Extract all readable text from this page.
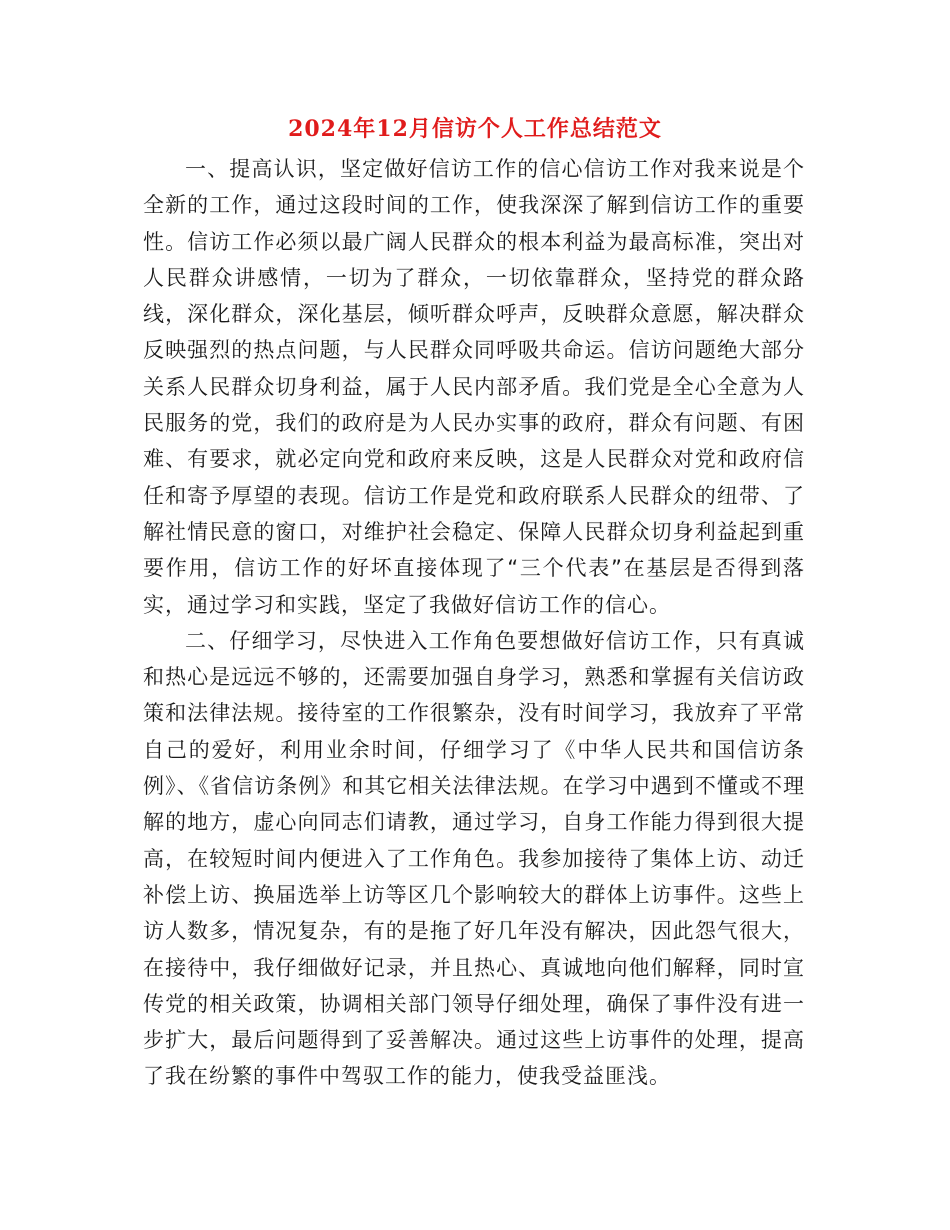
2024年12月信访个人工作总结范文

一、提高认识，坚定做好信访工作的信心信访工作对我来说是个全新的工作，通过这段时间的工作，使我深深了解到信访工作的重要性。信访工作必须以最广阔人民群众的根本利益为最高标准，突出对人民群众讲感情，一切为了群众，一切依靠群众，坚持党的群众路线，深化群众，深化基层，倾听群众呼声，反映群众意愿，解决群众反映强烈的热点问题，与人民群众同呼吸共命运。信访问题绝大部分关系人民群众切身利益，属于人民内部矛盾。我们党是全心全意为人民服务的党，我们的政府是为人民办实事的政府，群众有问题、有困难、有要求，就必定向党和政府来反映，这是人民群众对党和政府信任和寄予厚望的表现。信访工作是党和政府联系人民群众的纽带、了解社情民意的窗口，对维护社会稳定、保障人民群众切身利益起到重要作用，信访工作的好坏直接体现了“三个代表”在基层是否得到落实，通过学习和实践，坚定了我做好信访工作的信心。

二、仔细学习，尽快进入工作角色要想做好信访工作，只有真诚和热心是远远不够的，还需要加强自身学习，熟悉和掌握有关信访政策和法律法规。接待室的工作很繁杂，没有时间学习，我放弃了平常自己的爱好，利用业余时间，仔细学习了《中华人民共和国信访条例》、《省信访条例》和其它相关法律法规。在学习中遇到不懂或不理解的地方，虚心向同志们请教，通过学习，自身工作能力得到很大提高，在较短时间内便进入了工作角色。我参加接待了集体上访、动迁补偿上访、换届选举上访等区几个影响较大的群体上访事件。这些上访人数多，情况复杂，有的是拖了好几年没有解决，因此怨气很大，在接待中，我仔细做好记录，并且热心、真诚地向他们解释，同时宣传党的相关政策，协调相关部门领导仔细处理，确保了事件没有进一步扩大，最后问题得到了妥善解决。通过这些上访事件的处理，提高了我在纷繁的事件中驾驭工作的能力，使我受益匪浅。
